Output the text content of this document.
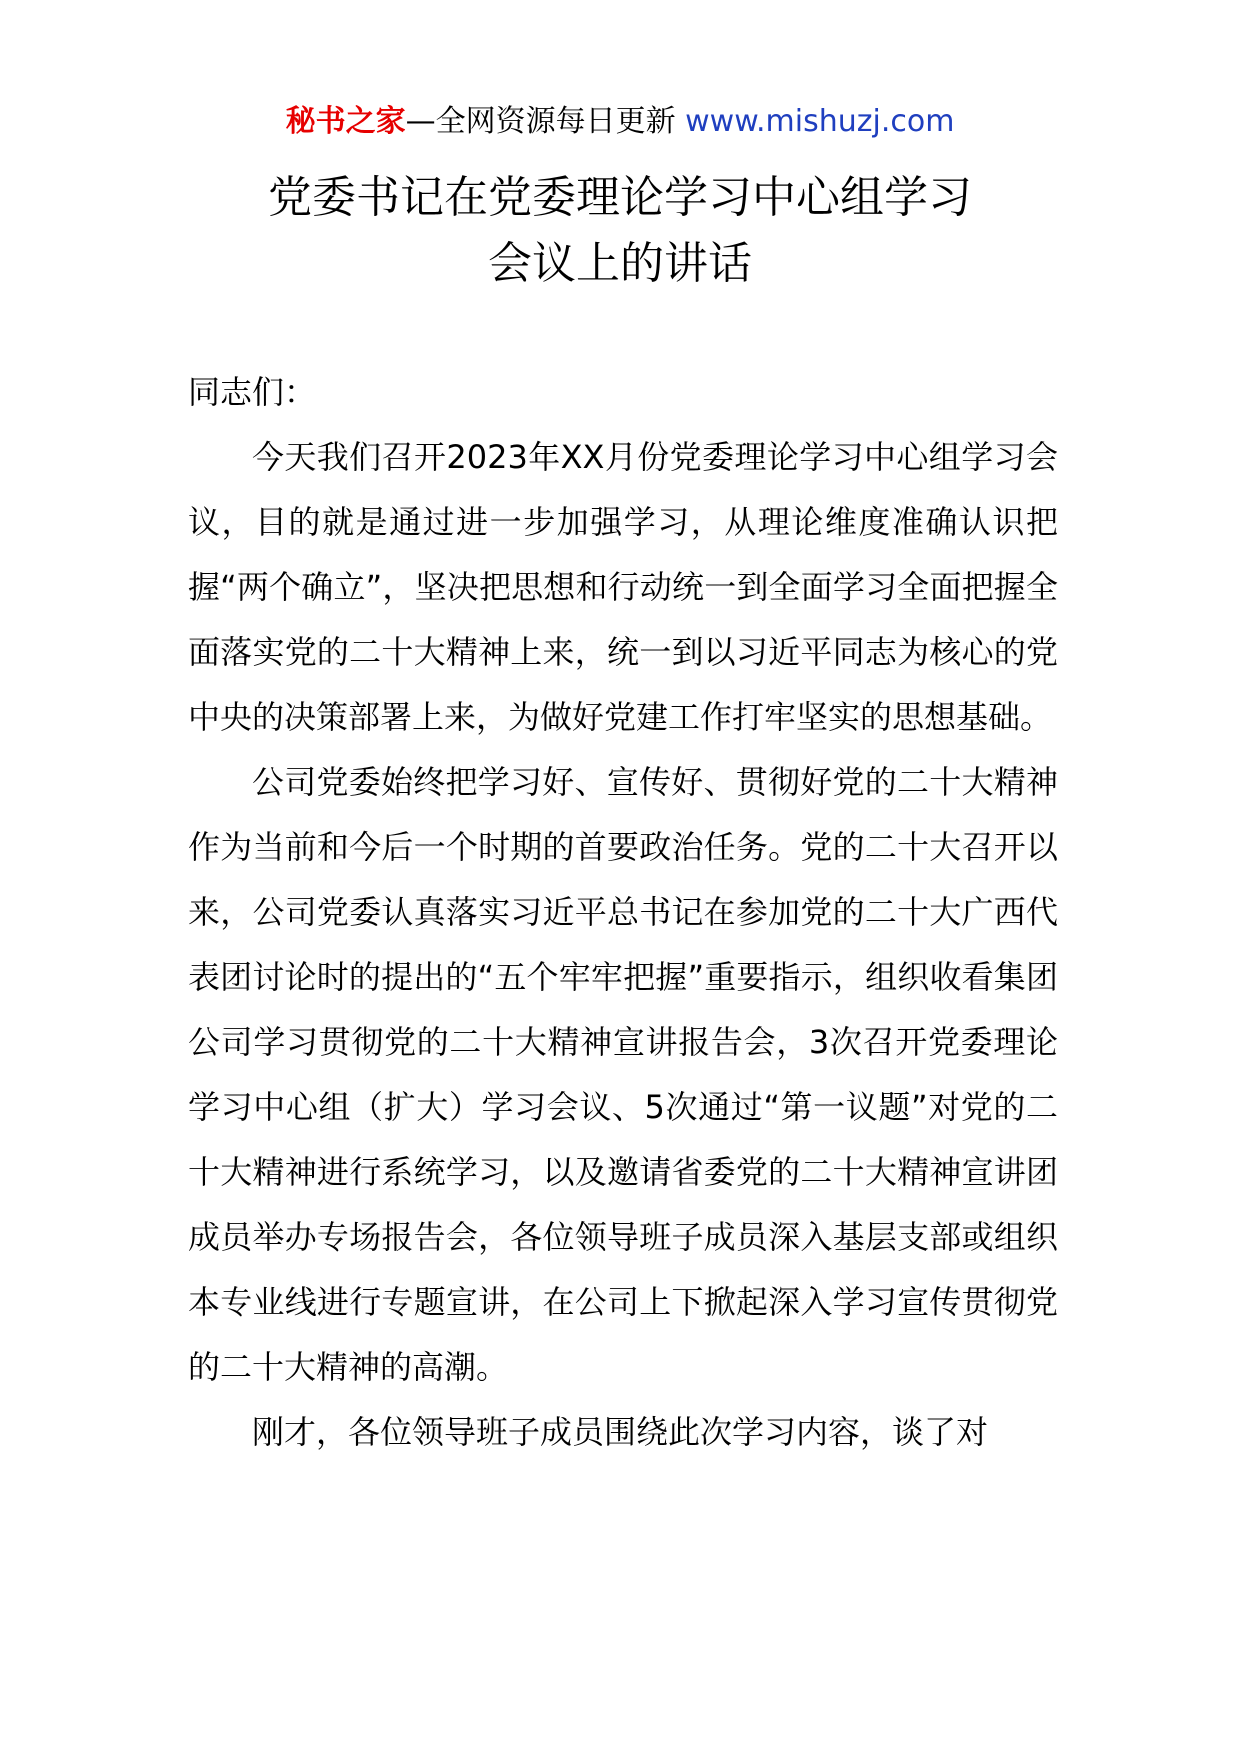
秘书之家—全网资源每日更新 www.mishuzj.com
党委书记在党委理论学习中心组学习
会议上的讲话

同志们：

今天我们召开2023年XX月份党委理论学习中心组学习会议，目的就是通过进一步加强学习，从理论维度准确认识把握“两个确立”，坚决把思想和行动统一到全面学习全面把握全面落实党的二十大精神上来，统一到以习近平同志为核心的党中央的决策部署上来，为做好党建工作打牢坚实的思想基础。

公司党委始终把学习好、宣传好、贯彻好党的二十大精神作为当前和今后一个时期的首要政治任务。党的二十大召开以来，公司党委认真落实习近平总书记在参加党的二十大广西代表团讨论时的提出的“五个牢牢把握”重要指示，组织收看集团公司学习贯彻党的二十大精神宣讲报告会，3次召开党委理论学习中心组（扩大）学习会议、5次通过“第一议题”对党的二十大精神进行系统学习，以及邀请省委党的二十大精神宣讲团成员举办专场报告会，各位领导班子成员深入基层支部或组织本专业线进行专题宣讲，在公司上下掀起深入学习宣传贯彻党的二十大精神的高潮。

刚才，各位领导班子成员围绕此次学习内容，谈了对
